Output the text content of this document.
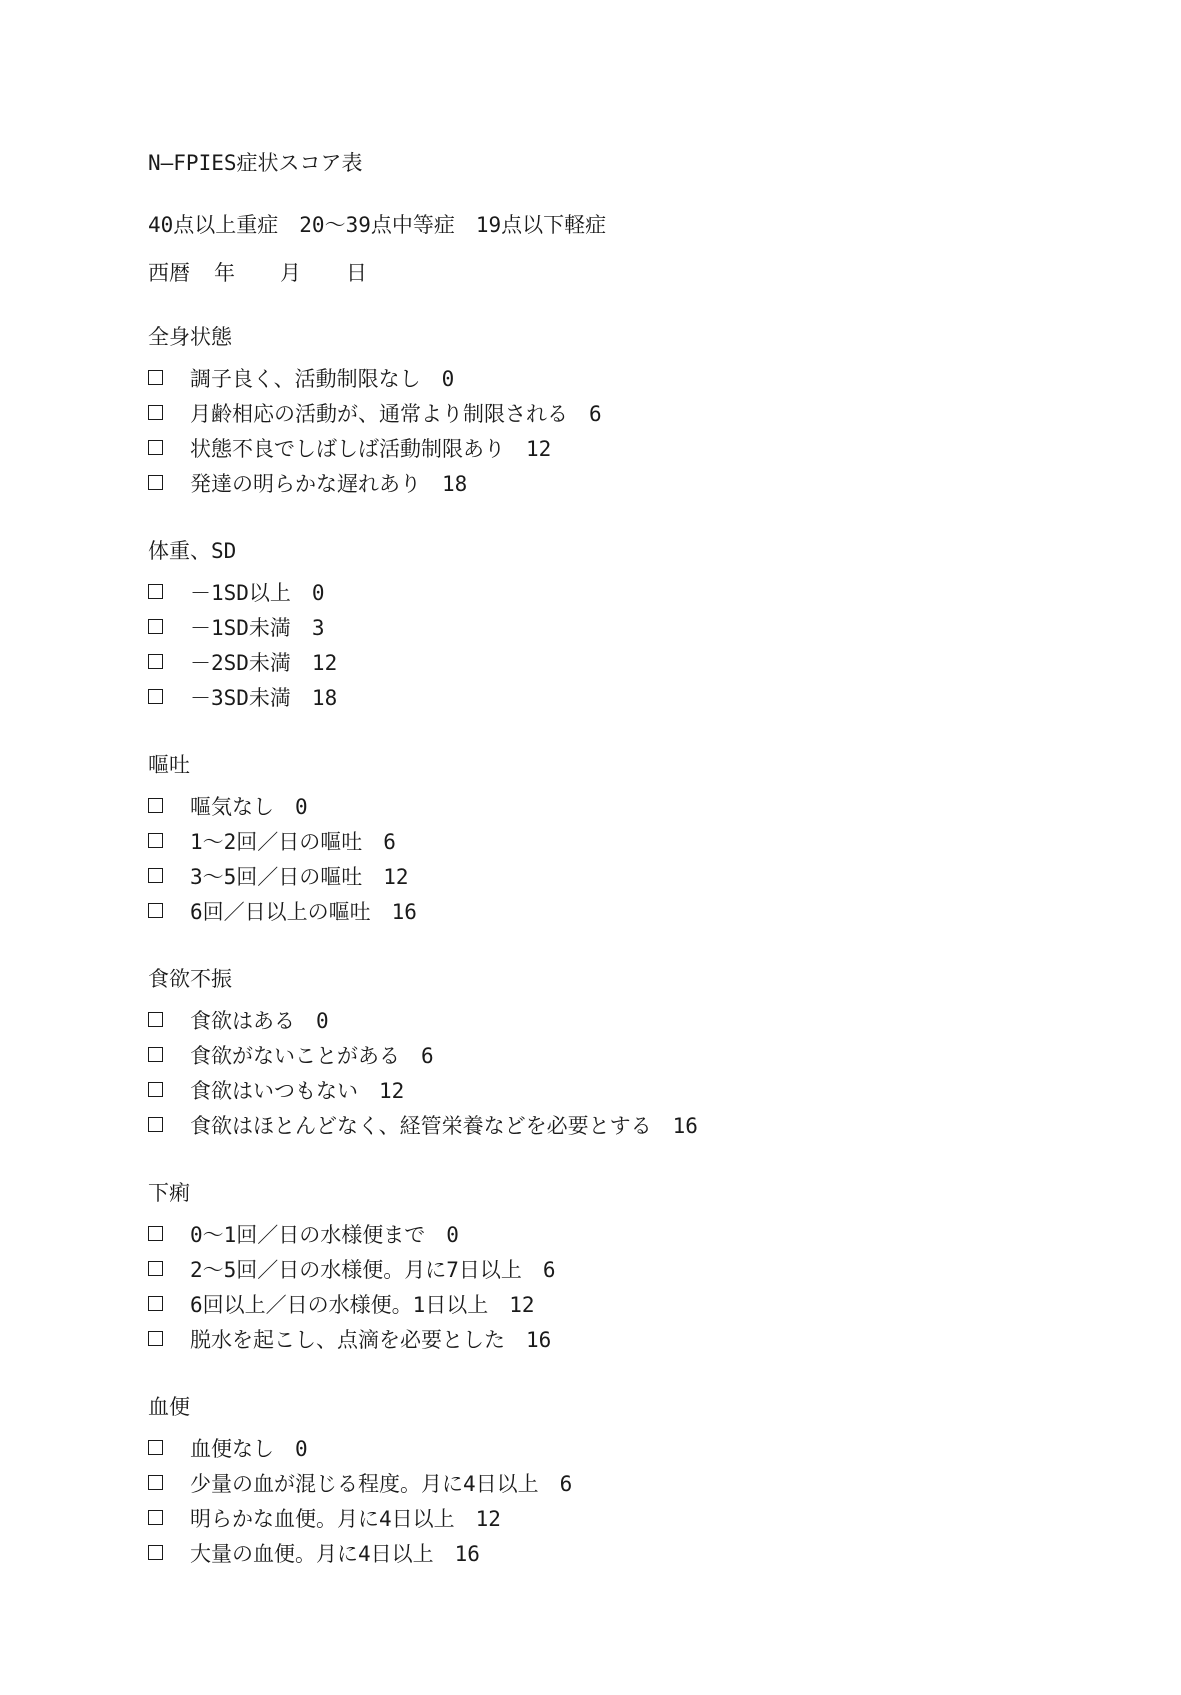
N―FPIES症状スコア表
40点以上重症　20～39点中等症　19点以下軽症
西暦	年	月	日
全身状態
調子良く、活動制限なし　0
月齢相応の活動が、通常より制限される　6
状態不良でしばしば活動制限あり　12
発達の明らかな遅れあり　18
体重、SD
－1SD以上　0
－1SD未満　3
－2SD未満　12
－3SD未満　18
嘔吐
嘔気なし　0
1～2回／日の嘔吐　6
3～5回／日の嘔吐　12
6回／日以上の嘔吐　16
食欲不振
食欲はある　0
食欲がないことがある　6
食欲はいつもない　12
食欲はほとんどなく、経管栄養などを必要とする　16
下痢
0～1回／日の水様便まで　0
2～5回／日の水様便。月に7日以上　6
6回以上／日の水様便。1日以上　12
脱水を起こし、点滴を必要とした　16
血便
血便なし　0
少量の血が混じる程度。月に4日以上　6
明らかな血便。月に4日以上　12
大量の血便。月に4日以上　16
